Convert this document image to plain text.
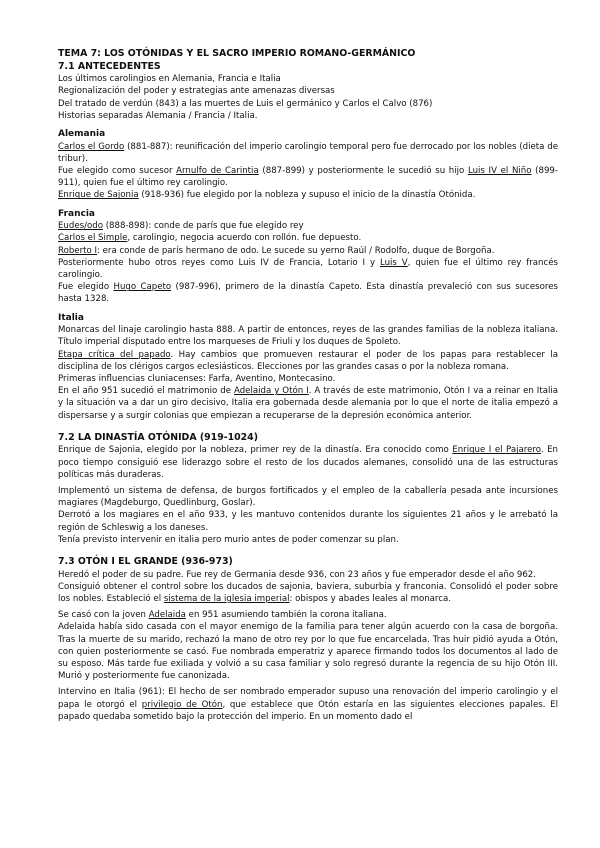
TEMA 7: LOS OTÓNIDAS Y EL SACRO IMPERIO ROMANO-GERMÁNICO
7.1 ANTECEDENTES

Los últimos carolingios en Alemania, Francia e Italia

Regionalización del poder y estrategias ante amenazas diversas

Del tratado de verdún (843) a las muertes de Luis el germánico y Carlos el Calvo (876)

Historias separadas Alemania / Francia / Italia.

Alemania

Carlos el Gordo (881-887): reunificación del imperio carolingio temporal pero fue derrocado por los nobles (dieta de tribur).

Fue elegido como sucesor Arnulfo de Carintia (887-899) y posteriormente le sucedió su hijo Luis IV el Niño (899-911), quien fue el último rey carolingio.

Enrique de Sajonia (918-936) fue elegido por la nobleza y supuso el inicio de la dinastía Otónida.

Francia

Eudes/odo (888-898): conde de parís que fue elegido rey

Carlos el Simple, carolingio, negocia acuerdo con rollón. fue depuesto.

Roberto I: era conde de parís hermano de odo. Le sucede su yerno Raúl / Rodolfo, duque de Borgoña.

Posteriormente hubo otros reyes como Luis IV de Francia, Lotario I y Luis V, quien fue el último rey francés carolingio.

Fue elegido Hugo Capeto (987-996), primero de la dinastía Capeto. Esta dinastía prevaleció con sus sucesores hasta 1328.

Italia

Monarcas del linaje carolingio hasta 888. A partir de entonces, reyes de las grandes familias de la nobleza italiana. Título imperial disputado entre los marqueses de Friuli y los duques de Spoleto.

Etapa crítica del papado. Hay cambios que promueven restaurar el poder de los papas para restablecer la disciplina de los clérigos cargos eclesiásticos. Elecciones por las grandes casas o por la nobleza romana.

Primeras influencias cluniacenses: Farfa, Aventino, Montecasino.

En el año 951 sucedió el matrimonio de Adelaida y Otón I. A través de este matrimonio, Otón I va a reinar en Italia y la situación va a dar un giro decisivo, Italia era gobernada desde alemania por lo que el norte de italia empezó a dispersarse y a surgir colonias que empiezan a recuperarse de la depresión económica anterior.

7.2 LA DINASTÍA OTÓNIDA (919-1024)

Enrique de Sajonia, elegido por la nobleza, primer rey de la dinastía. Era conocido como Enrique I el Pajarero. En poco tiempo consiguió ese liderazgo sobre el resto de los ducados alemanes, consolidó una de las estructuras políticas más duraderas.

Implementó un sistema de defensa, de burgos fortificados y el empleo de la caballería pesada ante incursiones magiares (Magdeburgo, Quedlinburg, Goslar).

Derrotó a los magiares en el año 933, y les mantuvo contenidos durante los siguientes 21 años y le arrebató la región de Schleswig a los daneses.

Tenía previsto intervenir en italia pero murio antes de poder comenzar su plan.

7.3 OTÓN I EL GRANDE (936-973)

Heredó el poder de su padre. Fue rey de Germania desde 936, con 23 años y fue emperador desde el año 962.

Consiguió obtener el control sobre los ducados de sajonia, baviera, suburbia y franconia. Consolidó el poder sobre los nobles. Estableció el sistema de la iglesia imperial: obispos y abades leales al monarca.

Se casó con la joven Adelaida en 951 asumiendo también la corona italiana.

Adelaida había sido casada con el mayor enemigo de la familia para tener algún acuerdo con la casa de borgoña. Tras la muerte de su marido, rechazó la mano de otro rey por lo que fue encarcelada. Tras huir pidió ayuda a Otón, con quien posteriormente se casó. Fue nombrada emperatriz y aparece firmando todos los documentos al lado de su esposo. Más tarde fue exiliada y volvió a su casa familiar y solo regresó durante la regencia de su hijo Otón III. Murió y posteriormente fue canonizada.

Intervino en Italia (961): El hecho de ser nombrado emperador supuso una renovación del imperio carolingio y el papa le otorgó el privilegio de Otón, que establece que Otón estaría en las siguientes elecciones papales. El papado quedaba sometido bajo la protección del imperio. En un momento dado el
